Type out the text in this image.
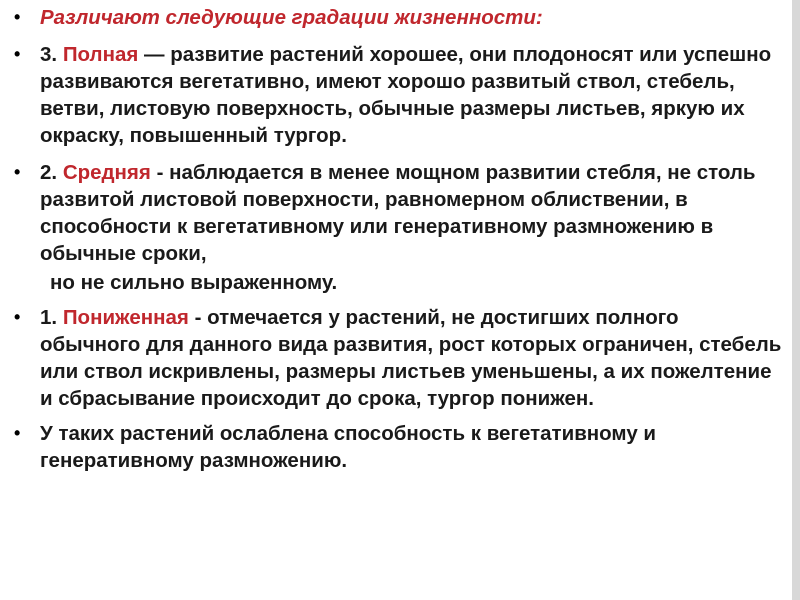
• Различают следующие градации жизненности:
• 3. Полная — развитие растений хорошее, они плодоносят или успешно развиваются вегетативно, имеют хорошо развитый ствол, стебель, ветви, листовую поверхность, обычные размеры листьев, яркую их окраску, повышенный тургор.
• 2. Средняя - наблюдается в менее мощном развитии стебля, не столь развитой листовой поверхности, равномерном облиствении, в способности к вегетативному или генеративному размножению в обычные сроки,
но не сильно выраженному.
• 1. Пониженная - отмечается у растений, не достигших полного обычного для данного вида развития, рост которых ограничен, стебель или ствол искривлены, размеры листьев уменьшены, а их пожелтение и сбрасывание происходит до срока, тургор понижен.
• У таких растений ослаблена способность к вегетативному и генеративному размножению.
